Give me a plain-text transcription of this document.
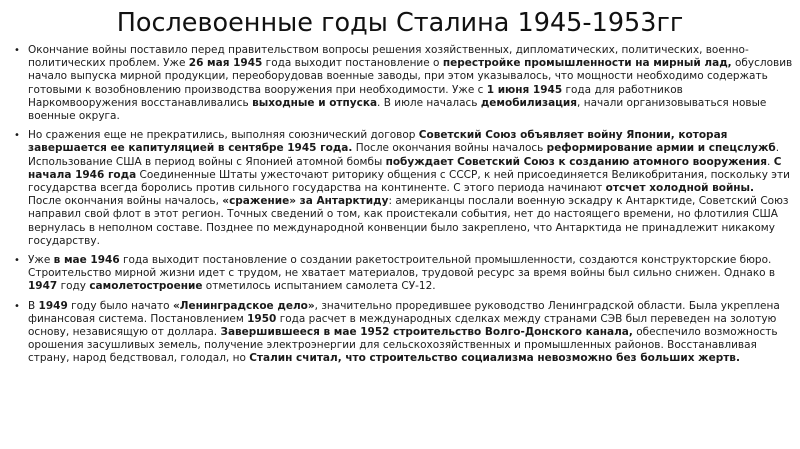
Послевоенные годы Сталина 1945-1953гг
• Окончание войны поставило перед правительством вопросы решения хозяйственных, дипломатических, политических, военно-политических проблем. Уже 26 мая 1945 года выходит постановление о перестройке промышленности на мирный лад, обусловив начало выпуска мирной продукции, переоборудовав военные заводы, при этом указывалось, что мощности необходимо содержать готовыми к возобновлению производства вооружения при необходимости. Уже с 1 июня 1945 года для работников Наркомвооружения восстанавливались выходные и отпуска. В июле началась демобилизация, начали организовываться новые военные округа.

• Но сражения еще не прекратились, выполняя союзнический договор Советский Союз объявляет войну Японии, которая завершается ее капитуляцией в сентябре 1945 года. После окончания войны началось реформирование армии и спецслужб. Использование США в период войны с Японией атомной бомбы побуждает Советский Союз к созданию атомного вооружения. С начала 1946 года Соединенные Штаты ужесточают риторику общения с СССР, к ней присоединяется Великобритания, поскольку эти государства всегда боролись против сильного государства на континенте. С этого периода начинают отсчет холодной войны.

После окончания войны началось, «сражение» за Антарктиду: американцы послали военную эскадру к Антарктиде, Советский Союз направил свой флот в этот регион. Точных сведений о том, как проистекали события, нет до настоящего времени, но флотилия США вернулась в неполном составе. Позднее по международной конвенции было закреплено, что Антарктида не принадлежит никакому государству.

• Уже в мае 1946 года выходит постановление о создании ракетостроительной промышленности, создаются конструкторские бюро. Строительство мирной жизни идет с трудом, не хватает материалов, трудовой ресурс за время войны был сильно снижен. Однако в 1947 году самолетостроение отметилось испытанием самолета СУ-12.

• В 1949 году было начато «Ленинградское дело», значительно проредившее руководство Ленинградской области. Была укреплена финансовая система. Постановлением 1950 года расчет в международных сделках между странами СЭВ был переведен на золотую основу, независящую от доллара. Завершившееся в мае 1952 строительство Волго-Донского канала, обеспечило возможность орошения засушливых земель, получение электроэнергии для сельскохозяйственных и промышленных районов. Восстанавливая страну, народ бедствовал, голодал, но Сталин считал, что строительство социализма невозможно без больших жертв.
